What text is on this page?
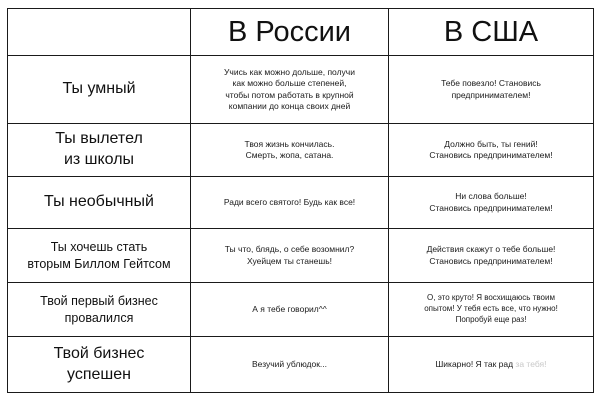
	В России	В США

Ты умный	Учись как можно дольше, получи
как можно больше степеней,
чтобы потом работать в крупной
компании до конца своих дней	Тебе повезло! Становись
предпринимателем!

Ты вылетел
из школы	Твоя жизнь кончилась.
Смерть, жопа, сатана.	Должно быть, ты гений!
Становись предпринимателем!

Ты необычный	Ради всего святого! Будь как все!	Ни слова больше!
Становись предпринимателем!

Ты хочешь стать
вторым Биллом Гейтсом	Ты что, блядь, о себе возомнил?
Хуейцем ты станешь!	Действия скажут о тебе больше!
Становись предпринимателем!

Твой первый бизнес
провалился	А я тебе говорил^^	О, это круто! Я восхищаюсь твоим
опытом! У тебя есть все, что нужно!
Попробуй еще раз!

Твой бизнес
успешен	Везучий ублюдок...	Шикарно! Я так рад за тебя!
